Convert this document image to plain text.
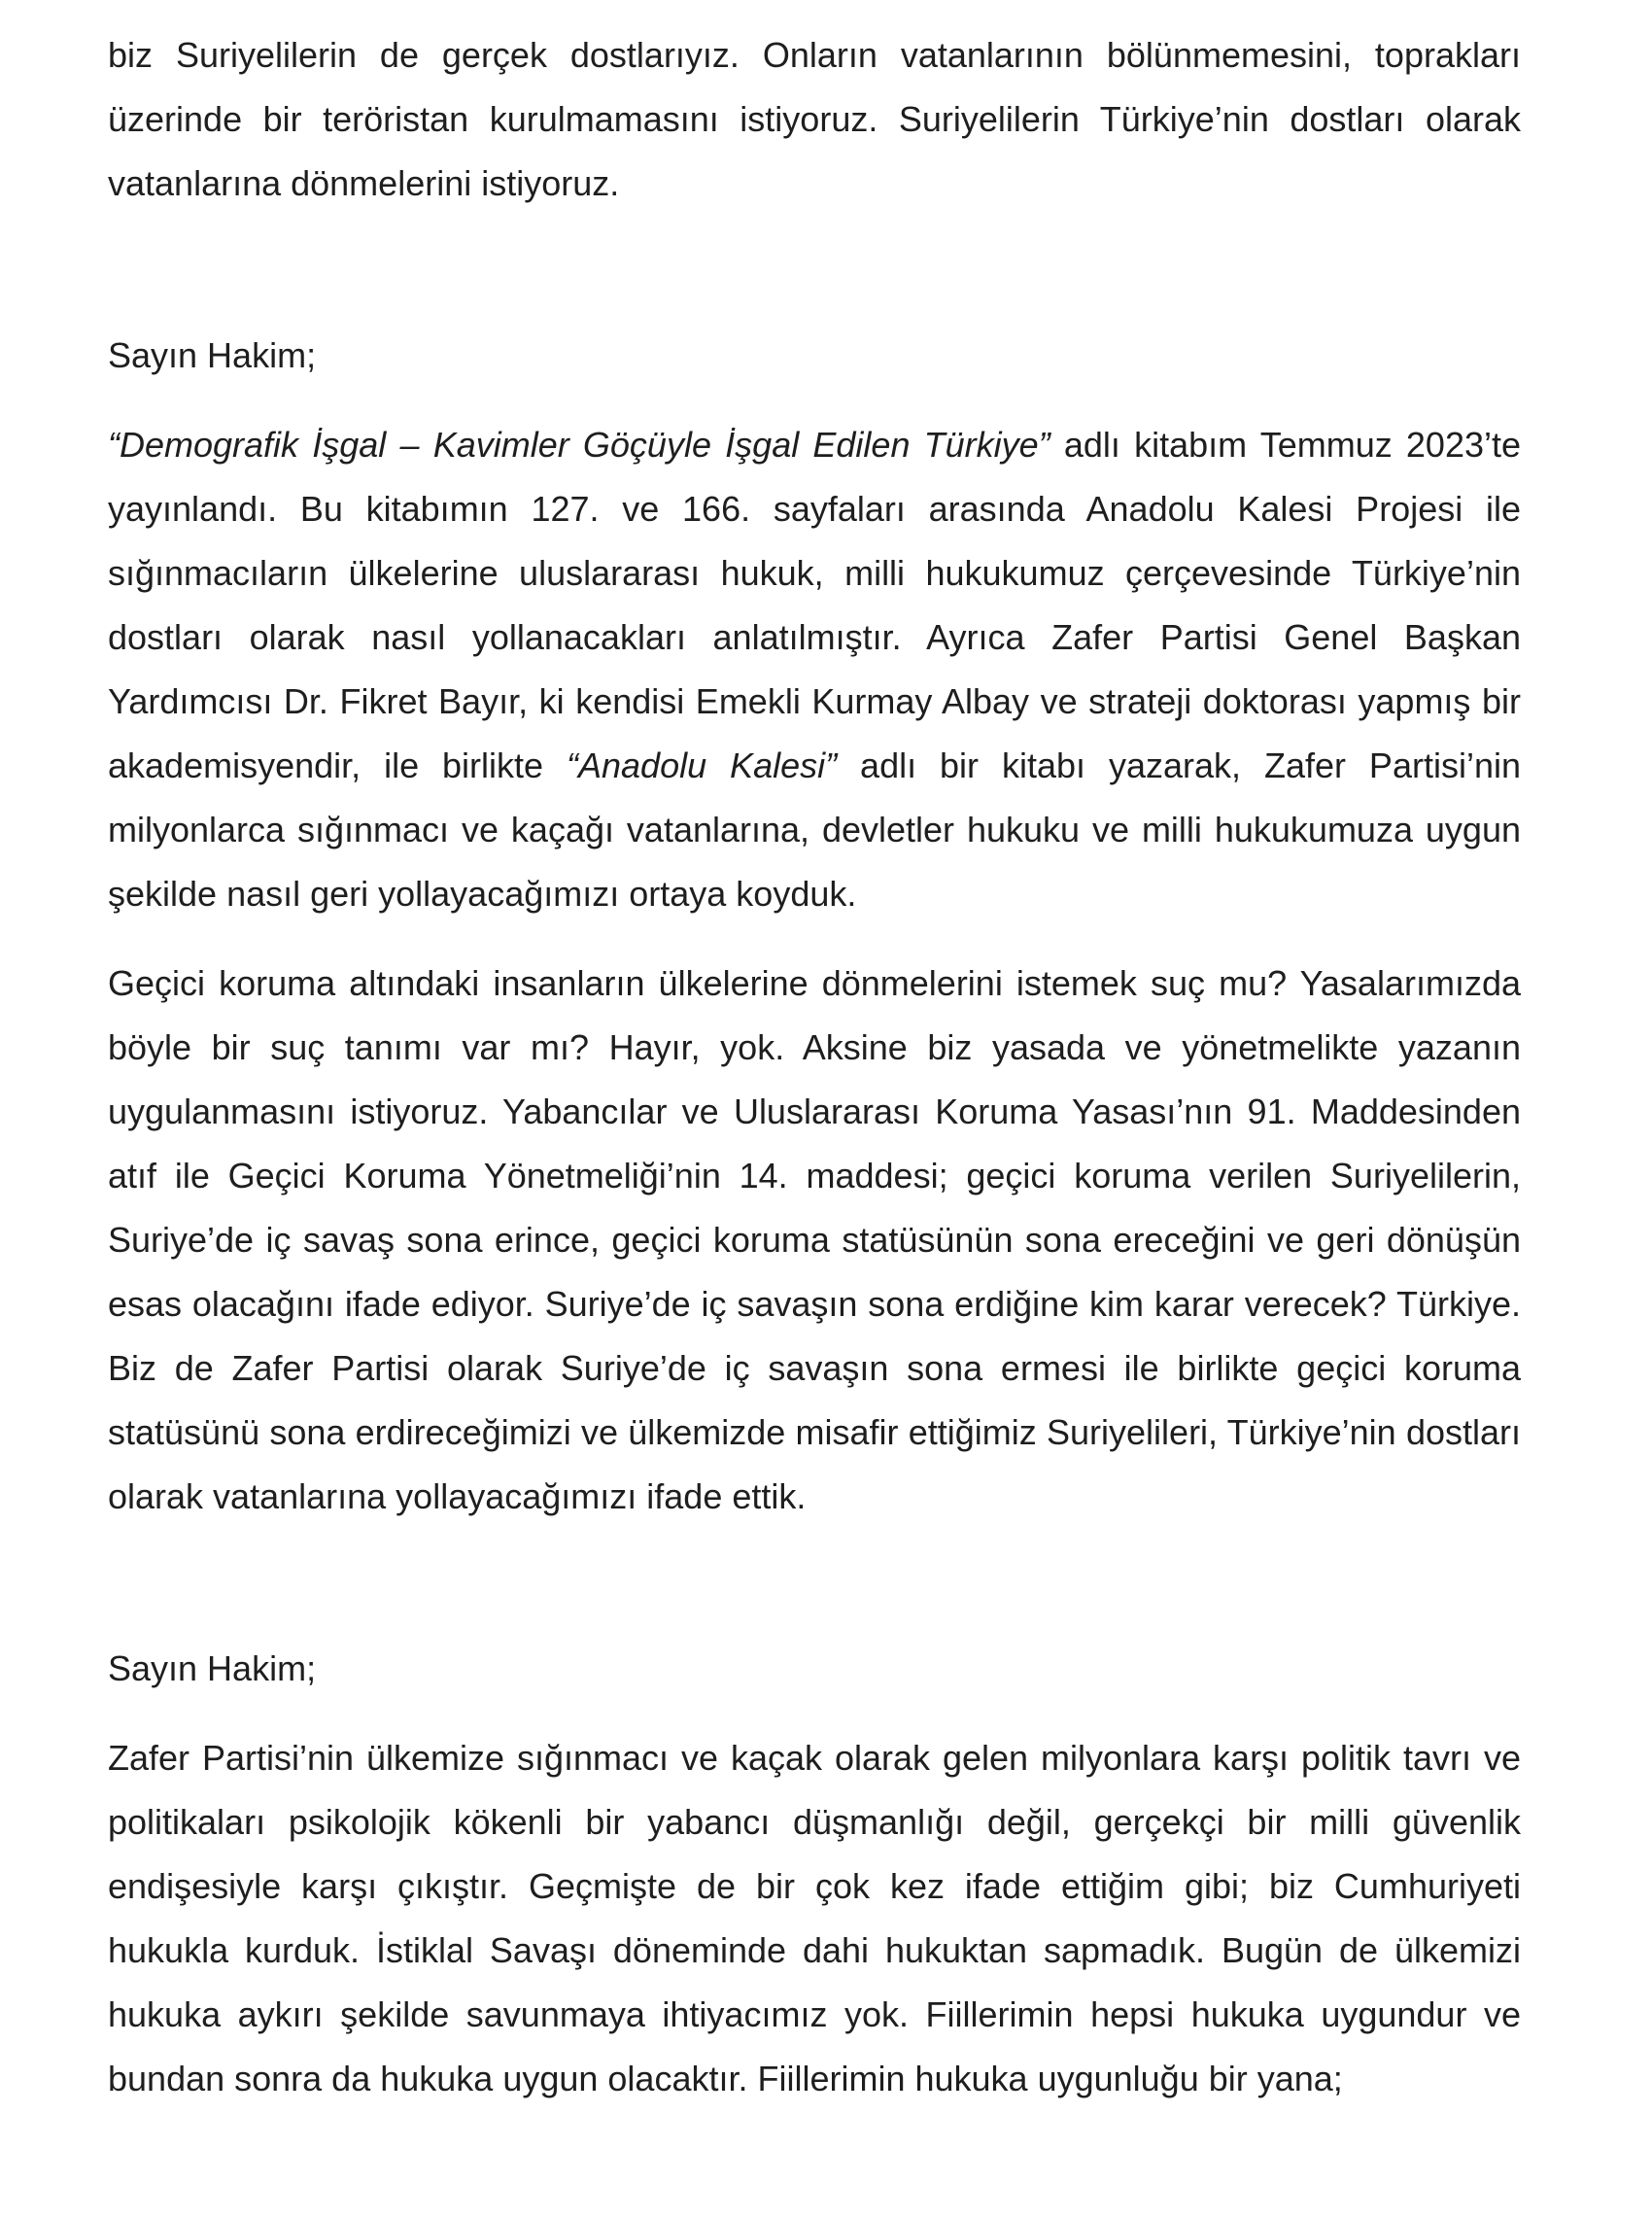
biz Suriyelilerin de gerçek dostlarıyız. Onların vatanlarının bölünmemesini, toprakları üzerinde bir teröristan kurulmamasını istiyoruz. Suriyelilerin Türkiye’nin dostları olarak vatanlarına dönmelerini istiyoruz.

Sayın Hakim;

“Demografik İşgal – Kavimler Göçüyle İşgal Edilen Türkiye” adlı kitabım Temmuz 2023’te yayınlandı. Bu kitabımın 127. ve 166. sayfaları arasında Anadolu Kalesi Projesi ile sığınmacıların ülkelerine uluslararası hukuk, milli hukukumuz çerçevesinde Türkiye’nin dostları olarak nasıl yollanacakları anlatılmıştır. Ayrıca Zafer Partisi Genel Başkan Yardımcısı Dr. Fikret Bayır, ki kendisi Emekli Kurmay Albay ve strateji doktorası yapmış bir akademisyendir, ile birlikte “Anadolu Kalesi” adlı bir kitabı yazarak, Zafer Partisi’nin milyonlarca sığınmacı ve kaçağı vatanlarına, devletler hukuku ve milli hukukumuza uygun şekilde nasıl geri yollayacağımızı ortaya koyduk.

Geçici koruma altındaki insanların ülkelerine dönmelerini istemek suç mu? Yasalarımızda böyle bir suç tanımı var mı? Hayır, yok. Aksine biz yasada ve yönetmelikte yazanın uygulanmasını istiyoruz. Yabancılar ve Uluslararası Koruma Yasası’nın 91. Maddesinden atıf ile Geçici Koruma Yönetmeliği’nin 14. maddesi; geçici koruma verilen Suriyelilerin, Suriye’de iç savaş sona erince, geçici koruma statüsünün sona ereceğini ve geri dönüşün esas olacağını ifade ediyor. Suriye’de iç savaşın sona erdiğine kim karar verecek? Türkiye. Biz de Zafer Partisi olarak Suriye’de iç savaşın sona ermesi ile birlikte geçici koruma statüsünü sona erdireceğimizi ve ülkemizde misafir ettiğimiz Suriyelileri, Türkiye’nin dostları olarak vatanlarına yollayacağımızı ifade ettik.

Sayın Hakim;

Zafer Partisi’nin ülkemize sığınmacı ve kaçak olarak gelen milyonlara karşı politik tavrı ve politikaları psikolojik kökenli bir yabancı düşmanlığı değil, gerçekçi bir milli güvenlik endişesiyle karşı çıkıştır. Geçmişte de bir çok kez ifade ettiğim gibi; biz Cumhuriyeti hukukla kurduk. İstiklal Savaşı döneminde dahi hukuktan sapmadık. Bugün de ülkemizi hukuka aykırı şekilde savunmaya ihtiyacımız yok. Fiillerimin hepsi hukuka uygundur ve bundan sonra da hukuka uygun olacaktır. Fiillerimin hukuka uygunluğu bir yana;
